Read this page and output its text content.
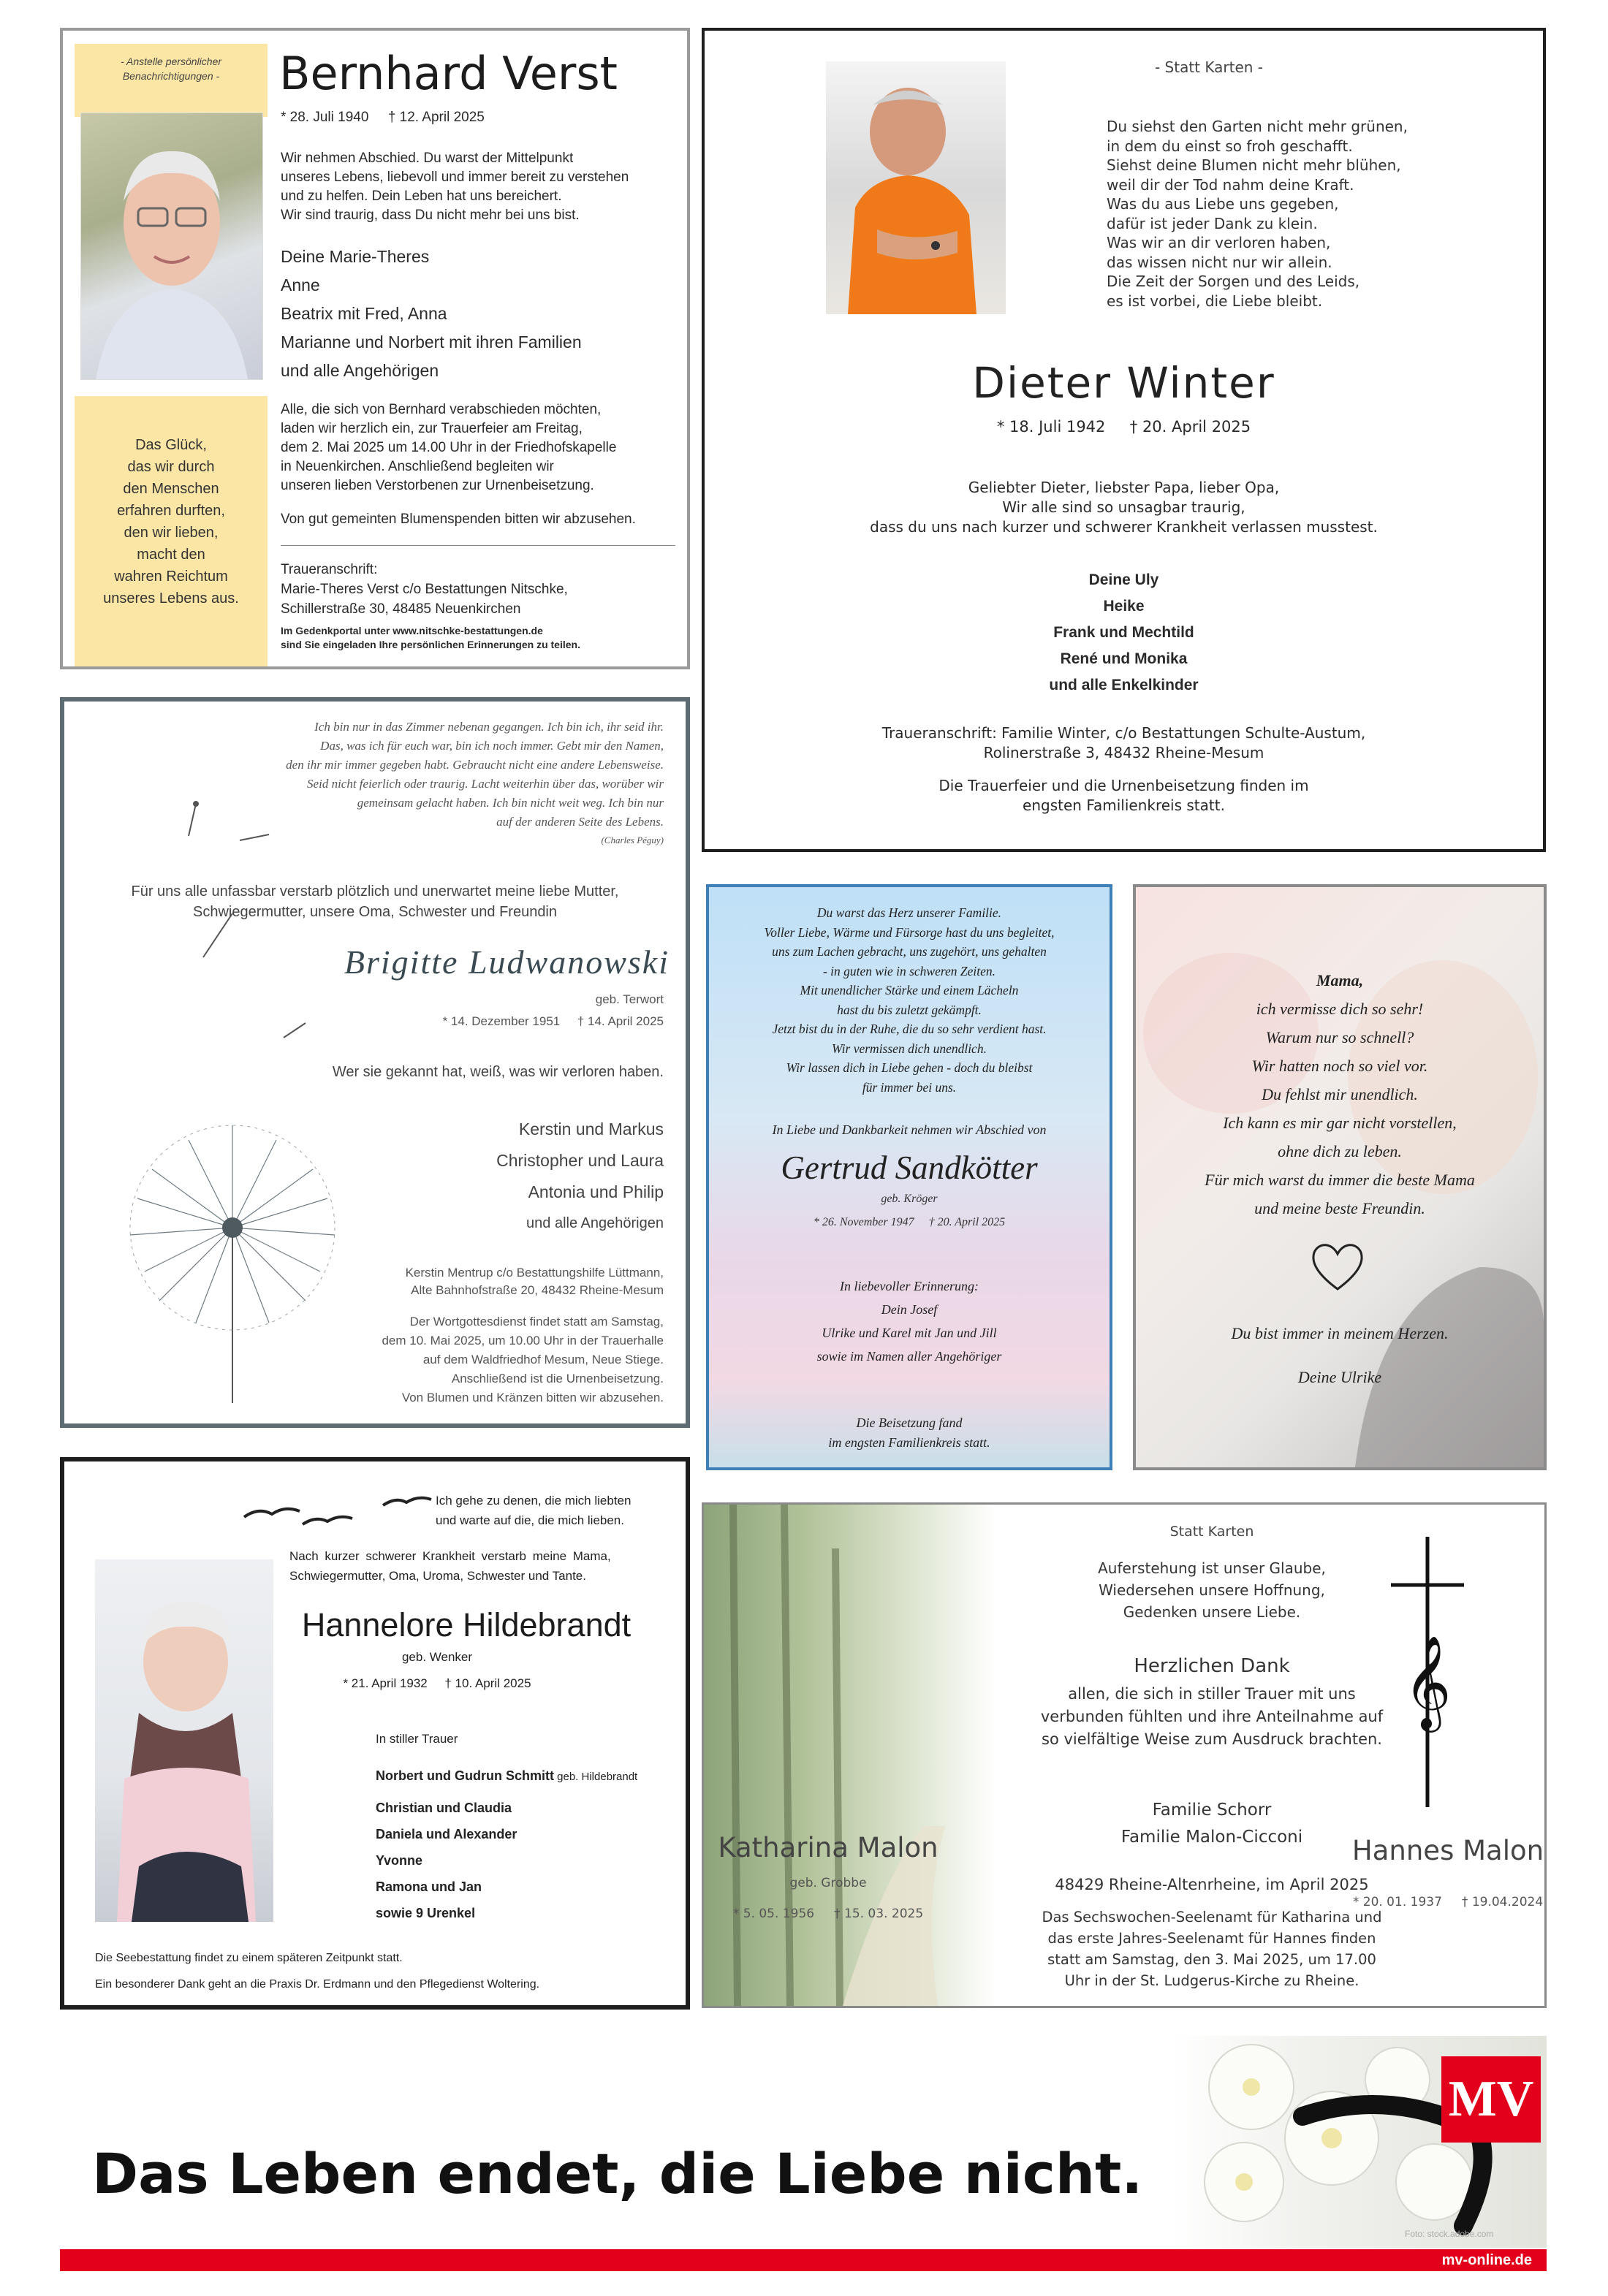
- Anstelle persönlicher
Benachrichtigungen -
Das Glück,
das wir durch
den Menschen
erfahren durften,
den wir lieben,
macht den
wahren Reichtum
unseres Lebens aus.
Bernhard Verst
* 28. Juli 1940     † 12. April 2025
Wir nehmen Abschied. Du warst der Mittelpunkt
unseres Lebens, liebevoll und immer bereit zu verstehen
und zu helfen. Dein Leben hat uns bereichert.
Wir sind traurig, dass Du nicht mehr bei uns bist.
Deine Marie-Theres
Anne
Beatrix mit Fred, Anna
Marianne und Norbert mit ihren Familien
und alle Angehörigen
Alle, die sich von Bernhard verabschieden möchten,
laden wir herzlich ein, zur Trauerfeier am Freitag,
dem 2. Mai 2025 um 14.00 Uhr in der Friedhofskapelle
in Neuenkirchen. Anschließend begleiten wir
unseren lieben Verstorbenen zur Urnenbeisetzung.
Von gut gemeinten Blumenspenden bitten wir abzusehen.
Traueranschrift:
Marie-Theres Verst c/o Bestattungen Nitschke,
Schillerstraße 30, 48485 Neuenkirchen
Im Gedenkportal unter www.nitschke-bestattungen.de
sind Sie eingeladen Ihre persönlichen Erinnerungen zu teilen.
- Statt Karten -
Du siehst den Garten nicht mehr grünen,
in dem du einst so froh geschafft.
Siehst deine Blumen nicht mehr blühen,
weil dir der Tod nahm deine Kraft.
Was du aus Liebe uns gegeben,
dafür ist jeder Dank zu klein.
Was wir an dir verloren haben,
das wissen nicht nur wir allein.
Die Zeit der Sorgen und des Leids,
es ist vorbei, die Liebe bleibt.
Dieter Winter
* 18. Juli 1942     † 20. April 2025
Geliebter Dieter, liebster Papa, lieber Opa,
Wir alle sind so unsagbar traurig,
dass du uns nach kurzer und schwerer Krankheit verlassen musstest.
Deine Uly
Heike
Frank und Mechtild
René und Monika
und alle Enkelkinder
Traueranschrift: Familie Winter, c/o Bestattungen Schulte-Austum,
Rolinerstraße 3, 48432 Rheine-Mesum
Die Trauerfeier und die Urnenbeisetzung finden im
engsten Familienkreis statt.
Ich bin nur in das Zimmer nebenan gegangen. Ich bin ich, ihr seid ihr.
Das, was ich für euch war, bin ich noch immer. Gebt mir den Namen,
den ihr mir immer gegeben habt. Gebraucht nicht eine andere Lebensweise.
Seid nicht feierlich oder traurig. Lacht weiterhin über das, worüber wir
gemeinsam gelacht haben. Ich bin nicht weit weg. Ich bin nur
auf der anderen Seite des Lebens.
(Charles Péguy)
Für uns alle unfassbar verstarb plötzlich und unerwartet meine liebe Mutter,
Schwiegermutter, unsere Oma, Schwester und Freundin
Brigitte Ludwanowski
geb. Terwort
* 14. Dezember 1951     † 14. April 2025
Wer sie gekannt hat, weiß, was wir verloren haben.
Kerstin und Markus
Christopher und Laura
Antonia und Philip
und alle Angehörigen
Kerstin Mentrup c/o Bestattungshilfe Lüttmann,
Alte Bahnhofstraße 20, 48432 Rheine-Mesum
Der Wortgottesdienst findet statt am Samstag,
dem 10. Mai 2025, um 10.00 Uhr in der Trauerhalle
auf dem Waldfriedhof Mesum, Neue Stiege.
Anschließend ist die Urnenbeisetzung.
Von Blumen und Kränzen bitten wir abzusehen.
Du warst das Herz unserer Familie.
Voller Liebe, Wärme und Fürsorge hast du uns begleitet,
uns zum Lachen gebracht, uns zugehört, uns gehalten
- in guten wie in schweren Zeiten.
Mit unendlicher Stärke und einem Lächeln
hast du bis zuletzt gekämpft.
Jetzt bist du in der Ruhe, die du so sehr verdient hast.
Wir vermissen dich unendlich.
Wir lassen dich in Liebe gehen - doch du bleibst
für immer bei uns.
In Liebe und Dankbarkeit nehmen wir Abschied von
Gertrud Sandkötter
geb. Kröger
* 26. November 1947     † 20. April 2025
In liebevoller Erinnerung:
Dein Josef
Ulrike und Karel mit Jan und Jill
sowie im Namen aller Angehöriger
Die Beisetzung fand
im engsten Familienkreis statt.
Mama,
ich vermisse dich so sehr!
Warum nur so schnell?
Wir hatten noch so viel vor.
Du fehlst mir unendlich.
Ich kann es mir gar nicht vorstellen,
ohne dich zu leben.
Für mich warst du immer die beste Mama
und meine beste Freundin.
Du bist immer in meinem Herzen.
Deine Ulrike
Ich gehe zu denen, die mich liebten
und warte auf die, die mich lieben.
Nach kurzer schwerer Krankheit verstarb meine Mama,
Schwiegermutter, Oma, Uroma, Schwester und Tante.
Hannelore Hildebrandt
geb. Wenker
* 21. April 1932     † 10. April 2025
In stiller Trauer
Norbert und Gudrun Schmitt geb. Hildebrandt
Christian und Claudia
Daniela und Alexander
Yvonne
Ramona und Jan
sowie 9 Urenkel
Die Seebestattung findet zu einem späteren Zeitpunkt statt.
Ein besonderer Dank geht an die Praxis Dr. Erdmann und den Pflegedienst Woltering.
Statt Karten
Auferstehung ist unser Glaube,
Wiedersehen unsere Hoffnung,
Gedenken unsere Liebe.
Herzlichen Dank
allen, die sich in stiller Trauer mit uns
verbunden fühlten und ihre Anteilnahme auf
so vielfältige Weise zum Ausdruck brachten.
Familie Schorr
Familie Malon-Cicconi
48429 Rheine-Altenrheine, im April 2025
Das Sechswochen-Seelenamt für Katharina und
das erste Jahres-Seelenamt für Hannes finden
statt am Samstag, den 3. Mai 2025, um 17.00
Uhr in der St. Ludgerus-Kirche zu Rheine.
Katharina Malon
geb. Grobbe
* 5. 05. 1956     † 15. 03. 2025
𝄞
Hannes Malon
* 20. 01. 1937     † 19.04.2024
MV
Das Leben endet, die Liebe nicht.
Foto: stock.adobe.com
mv-online.de
